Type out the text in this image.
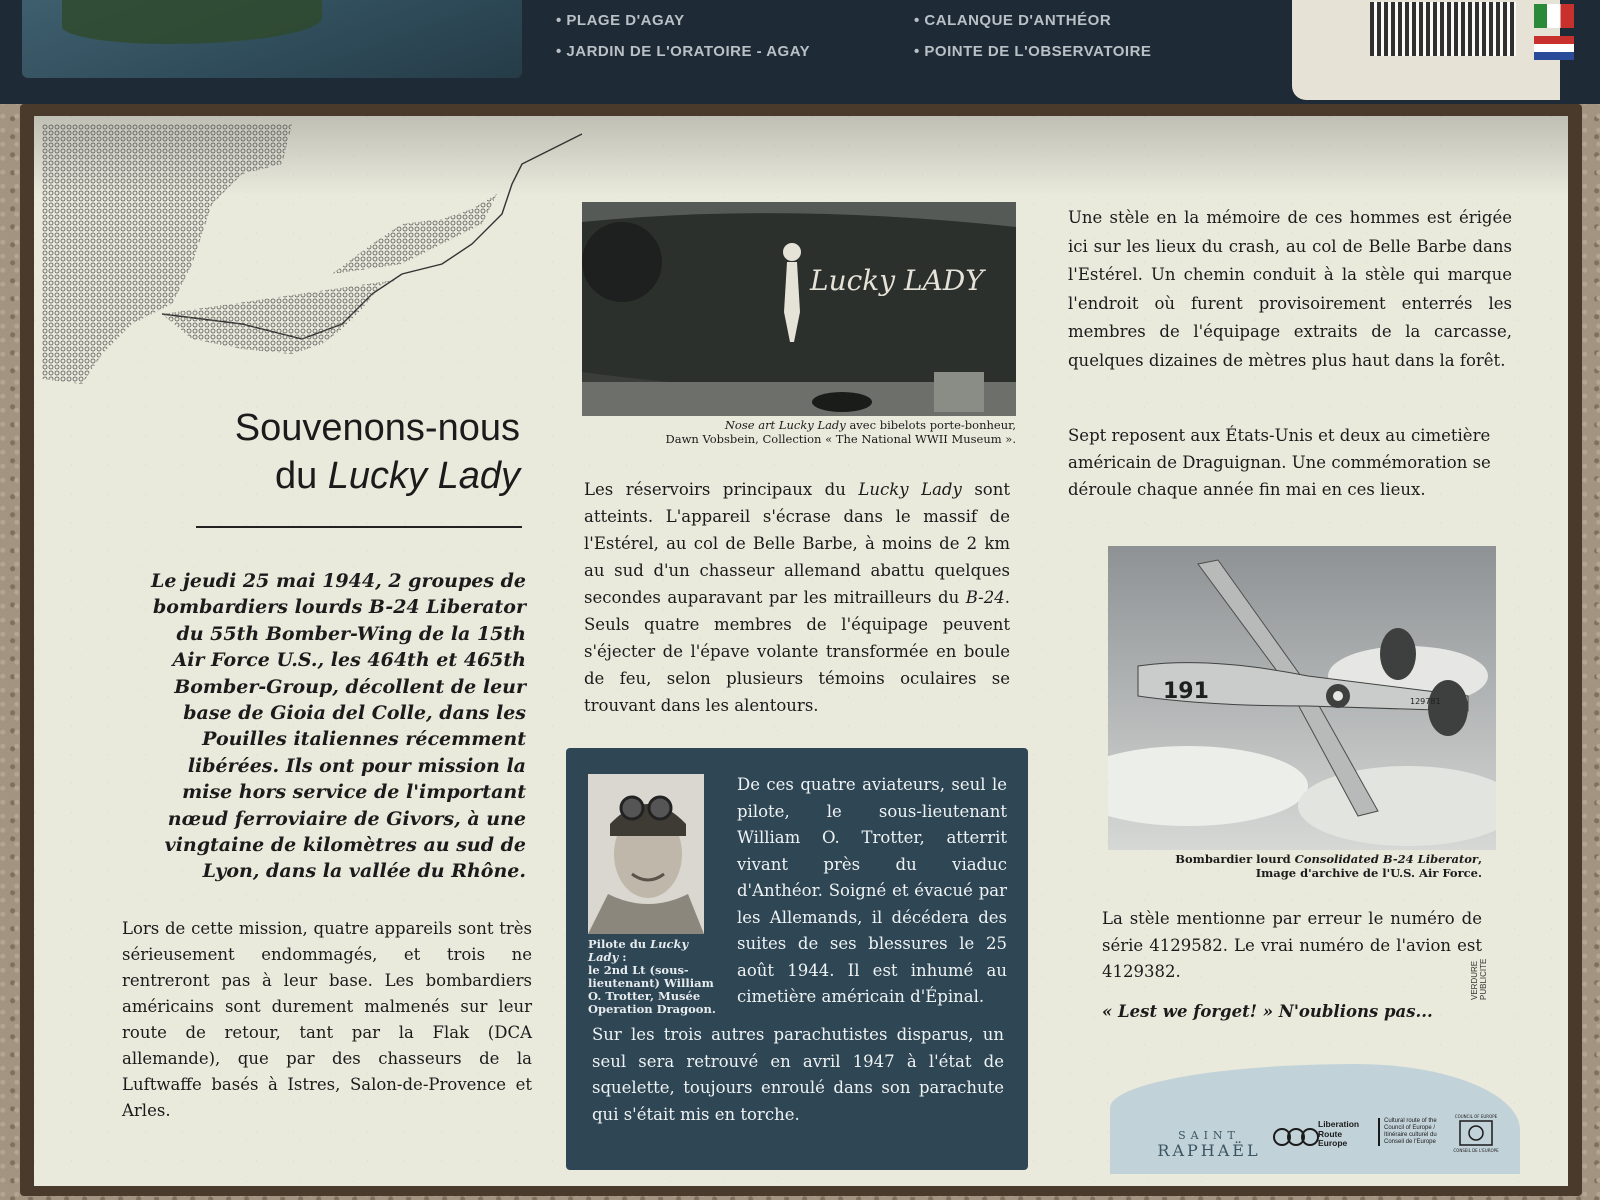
• PLAGE D'AGAY
• JARDIN DE L'ORATOIRE - AGAY
• CALANQUE D'ANTHÉOR
• POINTE DE L'OBSERVATOIRE
Souvenons-nous
du Lucky Lady
Le jeudi 25 mai 1944, 2 groupes de bombardiers lourds B-24 Liberator du 55th Bomber-Wing de la 15th Air Force U.S., les 464th et 465th Bomber-Group, décollent de leur base de Gioia del Colle, dans les Pouilles italiennes récemment libérées. Ils ont pour mission la mise hors service de l'important nœud ferroviaire de Givors, à une vingtaine de kilomètres au sud de Lyon, dans la vallée du Rhône.
Lors de cette mission, quatre appareils sont très sérieusement endommagés, et trois ne rentreront pas à leur base. Les bombardiers américains sont durement malmenés sur leur route de retour, tant par la Flak (DCA allemande), que par des chasseurs de la Luftwaffe basés à Istres, Salon-de-Provence et Arles.
Lucky LADY
Nose art Lucky Lady avec bibelots porte-bonheur,
Dawn Vobsbein, Collection « The National WWII Museum ».
Les réservoirs principaux du Lucky Lady sont atteints. L'appareil s'écrase dans le massif de l'Estérel, au col de Belle Barbe, à moins de 2 km au sud d'un chasseur allemand abattu quelques secondes auparavant par les mitrailleurs du B-24. Seuls quatre membres de l'équipage peuvent s'éjecter de l'épave volante transformée en boule de feu, selon plusieurs témoins oculaires se trouvant dans les alentours.
Pilote du Lucky Lady :
le 2nd Lt (sous-lieutenant) William O. Trotter, Musée Operation Dragoon.
De ces quatre aviateurs, seul le pilote, le sous-lieutenant William O. Trotter, atterrit vivant près du viaduc d'Anthéor. Soigné et évacué par les Allemands, il décédera des suites de ses blessures le 25 août 1944. Il est inhumé au cimetière américain d'Épinal.
Sur les trois autres parachutistes disparus, un seul sera retrouvé en avril 1947 à l'état de squelette, toujours enroulé dans son parachute qui s'était mis en torche.
Une stèle en la mémoire de ces hommes est érigée ici sur les lieux du crash, au col de Belle Barbe dans l'Estérel. Un chemin conduit à la stèle qui marque l'endroit où furent provisoirement enterrés les membres de l'équipage extraits de la carcasse, quelques dizaines de mètres plus haut dans la forêt.
Sept reposent aux États-Unis et deux au cimetière américain de Draguignan. Une commémoration se déroule chaque année fin mai en ces lieux.
191	129781
Bombardier lourd Consolidated B-24 Liberator,
Image d'archive de l'U.S. Air Force.
La stèle mentionne par erreur le numéro de série 4129582. Le vrai numéro de l'avion est 4129382.
« Lest we forget! » N'oublions pas...
VERDURE PUBLICITE
SAINT
RAPHAËL
Liberation
Route
Europe
Cultural route of the Council of Europe / Itinéraire culturel du Conseil de l'Europe
COUNCIL OF EUROPE
CONSEIL DE L'EUROPE
